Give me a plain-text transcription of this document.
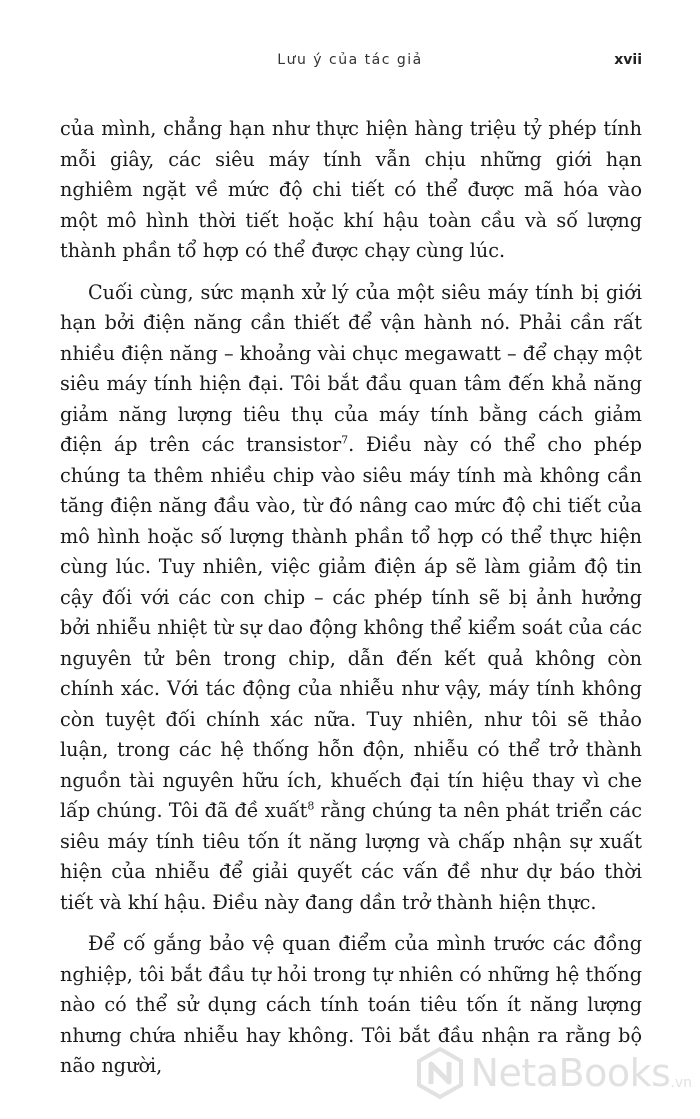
Lưu ý của tác giả	xvii

của mình, chẳng hạn như thực hiện hàng triệu tỷ phép tính mỗi giây, các siêu máy tính vẫn chịu những giới hạn nghiêm ngặt về mức độ chi tiết có thể được mã hóa vào một mô hình thời tiết hoặc khí hậu toàn cầu và số lượng thành phần tổ hợp có thể được chạy cùng lúc.

Cuối cùng, sức mạnh xử lý của một siêu máy tính bị giới hạn bởi điện năng cần thiết để vận hành nó. Phải cần rất nhiều điện năng – khoảng vài chục megawatt – để chạy một siêu máy tính hiện đại. Tôi bắt đầu quan tâm đến khả năng giảm năng lượng tiêu thụ của máy tính bằng cách giảm điện áp trên các transistor$^7$. Điều này có thể cho phép chúng ta thêm nhiều chip vào siêu máy tính mà không cần tăng điện năng đầu vào, từ đó nâng cao mức độ chi tiết của mô hình hoặc số lượng thành phần tổ hợp có thể thực hiện cùng lúc. Tuy nhiên, việc giảm điện áp sẽ làm giảm độ tin cậy đối với các con chip – các phép tính sẽ bị ảnh hưởng bởi nhiễu nhiệt từ sự dao động không thể kiểm soát của các nguyên tử bên trong chip, dẫn đến kết quả không còn chính xác. Với tác động của nhiễu như vậy, máy tính không còn tuyệt đối chính xác nữa. Tuy nhiên, như tôi sẽ thảo luận, trong các hệ thống hỗn độn, nhiễu có thể trở thành nguồn tài nguyên hữu ích, khuếch đại tín hiệu thay vì che lấp chúng. Tôi đã đề xuất$^8$ rằng chúng ta nên phát triển các siêu máy tính tiêu tốn ít năng lượng và chấp nhận sự xuất hiện của nhiễu để giải quyết các vấn đề như dự báo thời tiết và khí hậu. Điều này đang dần trở thành hiện thực.

Để cố gắng bảo vệ quan điểm của mình trước các đồng nghiệp, tôi bắt đầu tự hỏi trong tự nhiên có những hệ thống nào có thể sử dụng cách tính toán tiêu tốn ít năng lượng nhưng chứa nhiễu hay không. Tôi bắt đầu nhận ra rằng bộ não người,	NetaBooks .vn
